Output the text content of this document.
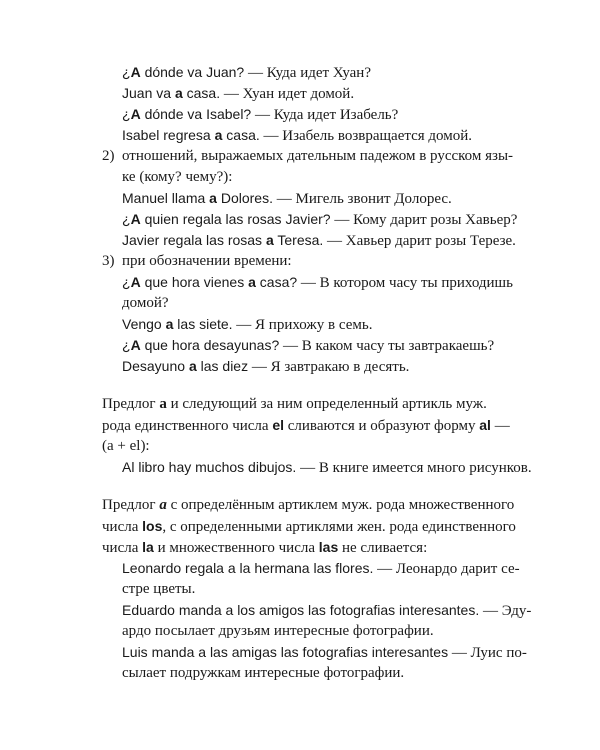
¿A dónde va Juan? — Куда идет Хуан?
Juan va a casa. — Хуан идет домой.
¿A dónde va Isabel? — Куда идет Изабель?
Isabel regresa a casa. — Изабель возвращается домой.
2) отношений, выражаемых дательным падежом в русском язы-
ке (кому? чему?):
Manuel llama a Dolores. — Мигель звонит Долорес.
¿A quien regala las rosas Javier? — Кому дарит розы Хавьер?
Javier regala las rosas a Teresa. — Хавьер дарит розы Терезе.
3) при обозначении времени:
¿A que hora vienes a casa? — В котором часу ты приходишь
домой?
Vengo a las siete. — Я прихожу в семь.
¿A que hora desayunas? — В каком часу ты завтракаешь?
Desayuno a las diez — Я завтракаю в десять.
Предлог а и следующий за ним определенный артикль муж.
рода единственного числа el сливаются и образуют форму al —
(a + el):
Al libro hay muchos dibujos. — В книге имеется много рисунков.
Предлог a с определённым артиклем муж. рода множественного
числа los, с определенными артиклями жен. рода единственного
числа la и множественного числа las не сливается:
Leonardo regala a la hermana las flores. — Леонардо дарит се-
стре цветы.
Eduardo manda a los amigos las fotografias interesantes. — Эду-
ардо посылает друзьям интересные фотографии.
Luis manda a las amigas las fotografias interesantes — Луис по-
сылает подружкам интересные фотографии.
